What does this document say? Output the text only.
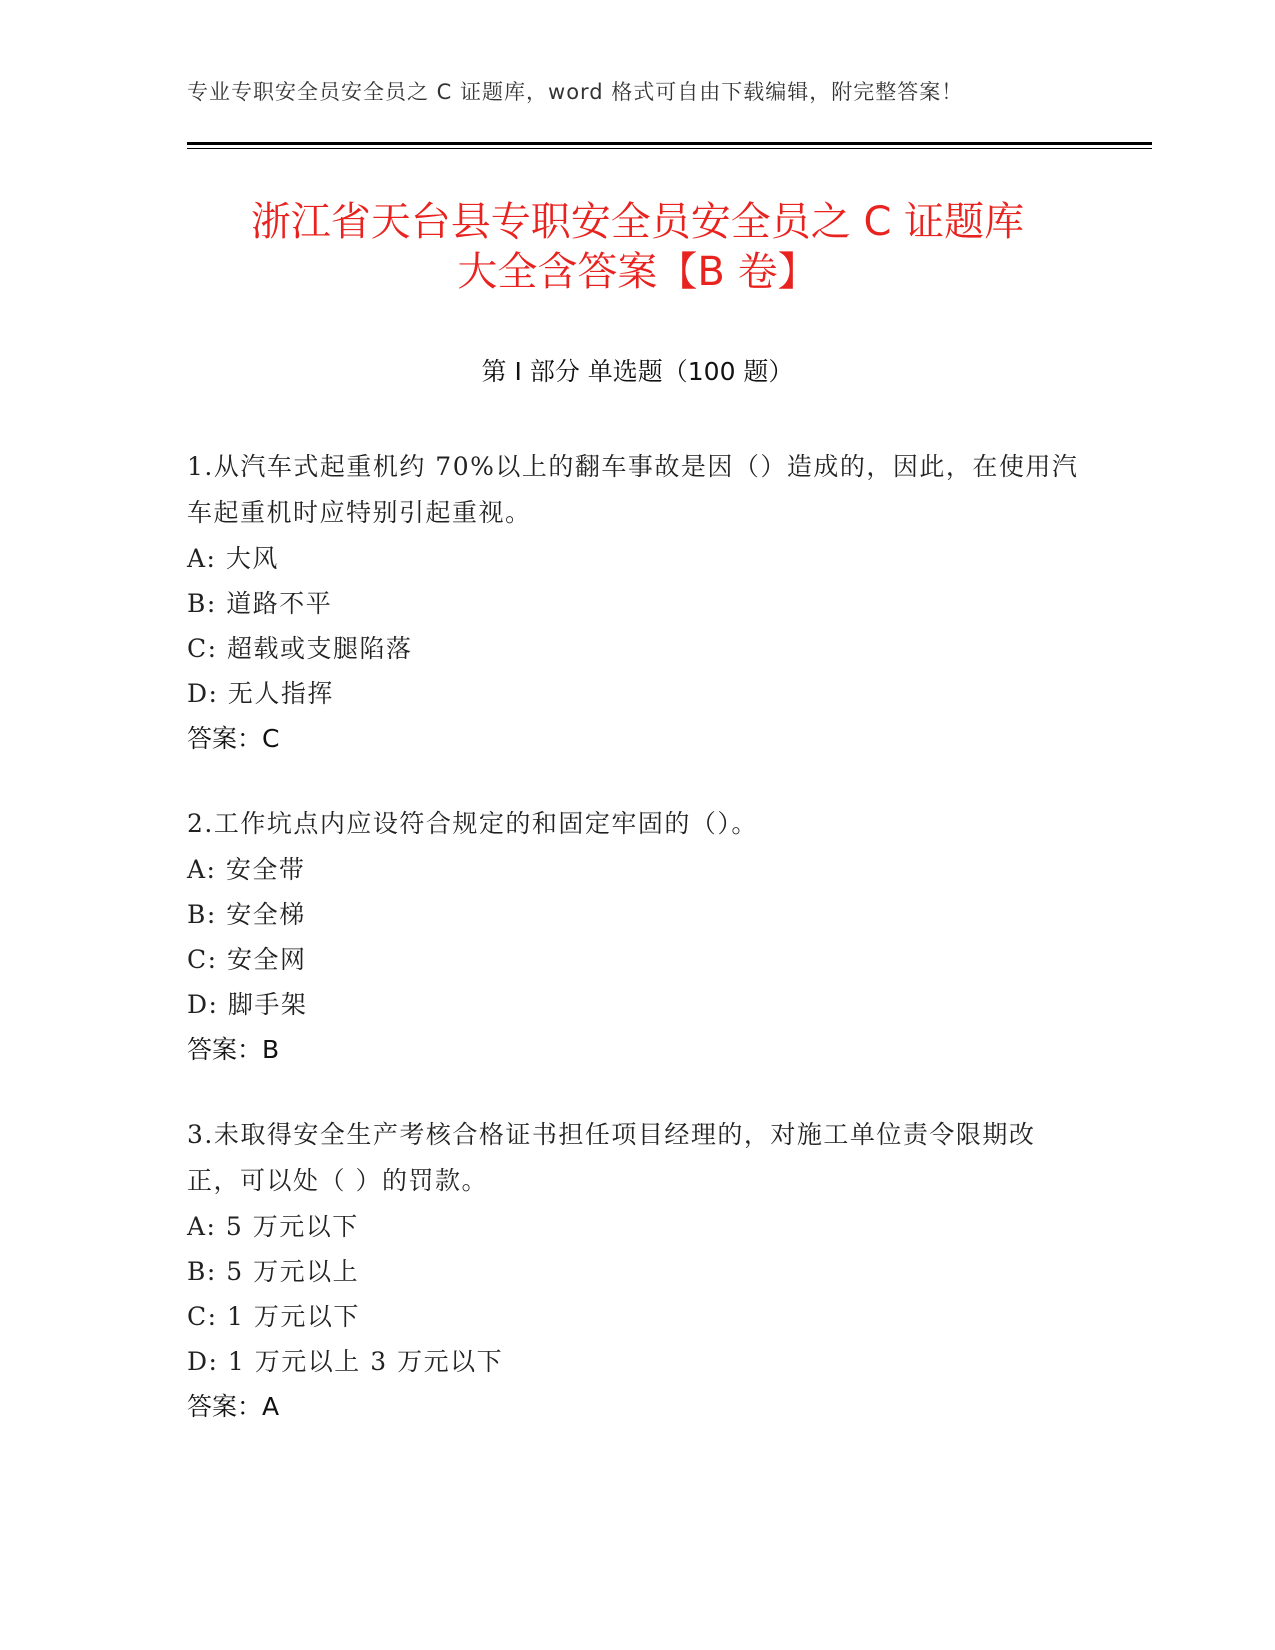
专业专职安全员安全员之 C 证题库，word 格式可自由下载编辑，附完整答案！
浙江省天台县专职安全员安全员之 C 证题库
大全含答案【B 卷】
第 I 部分 单选题（100 题）
1.从汽车式起重机约 70%以上的翻车事故是因（）造成的，因此，在使用汽车起重机时应特别引起重视。
A: 大风
B: 道路不平
C: 超载或支腿陷落
D: 无人指挥
答案：C
2.工作坑点内应设符合规定的和固定牢固的（）。
A: 安全带
B: 安全梯
C: 安全网
D: 脚手架
答案：B
3.未取得安全生产考核合格证书担任项目经理的，对施工单位责令限期改正，可以处（ ）的罚款。
A: 5 万元以下
B: 5 万元以上
C: 1 万元以下
D: 1 万元以上 3 万元以下
答案：A
